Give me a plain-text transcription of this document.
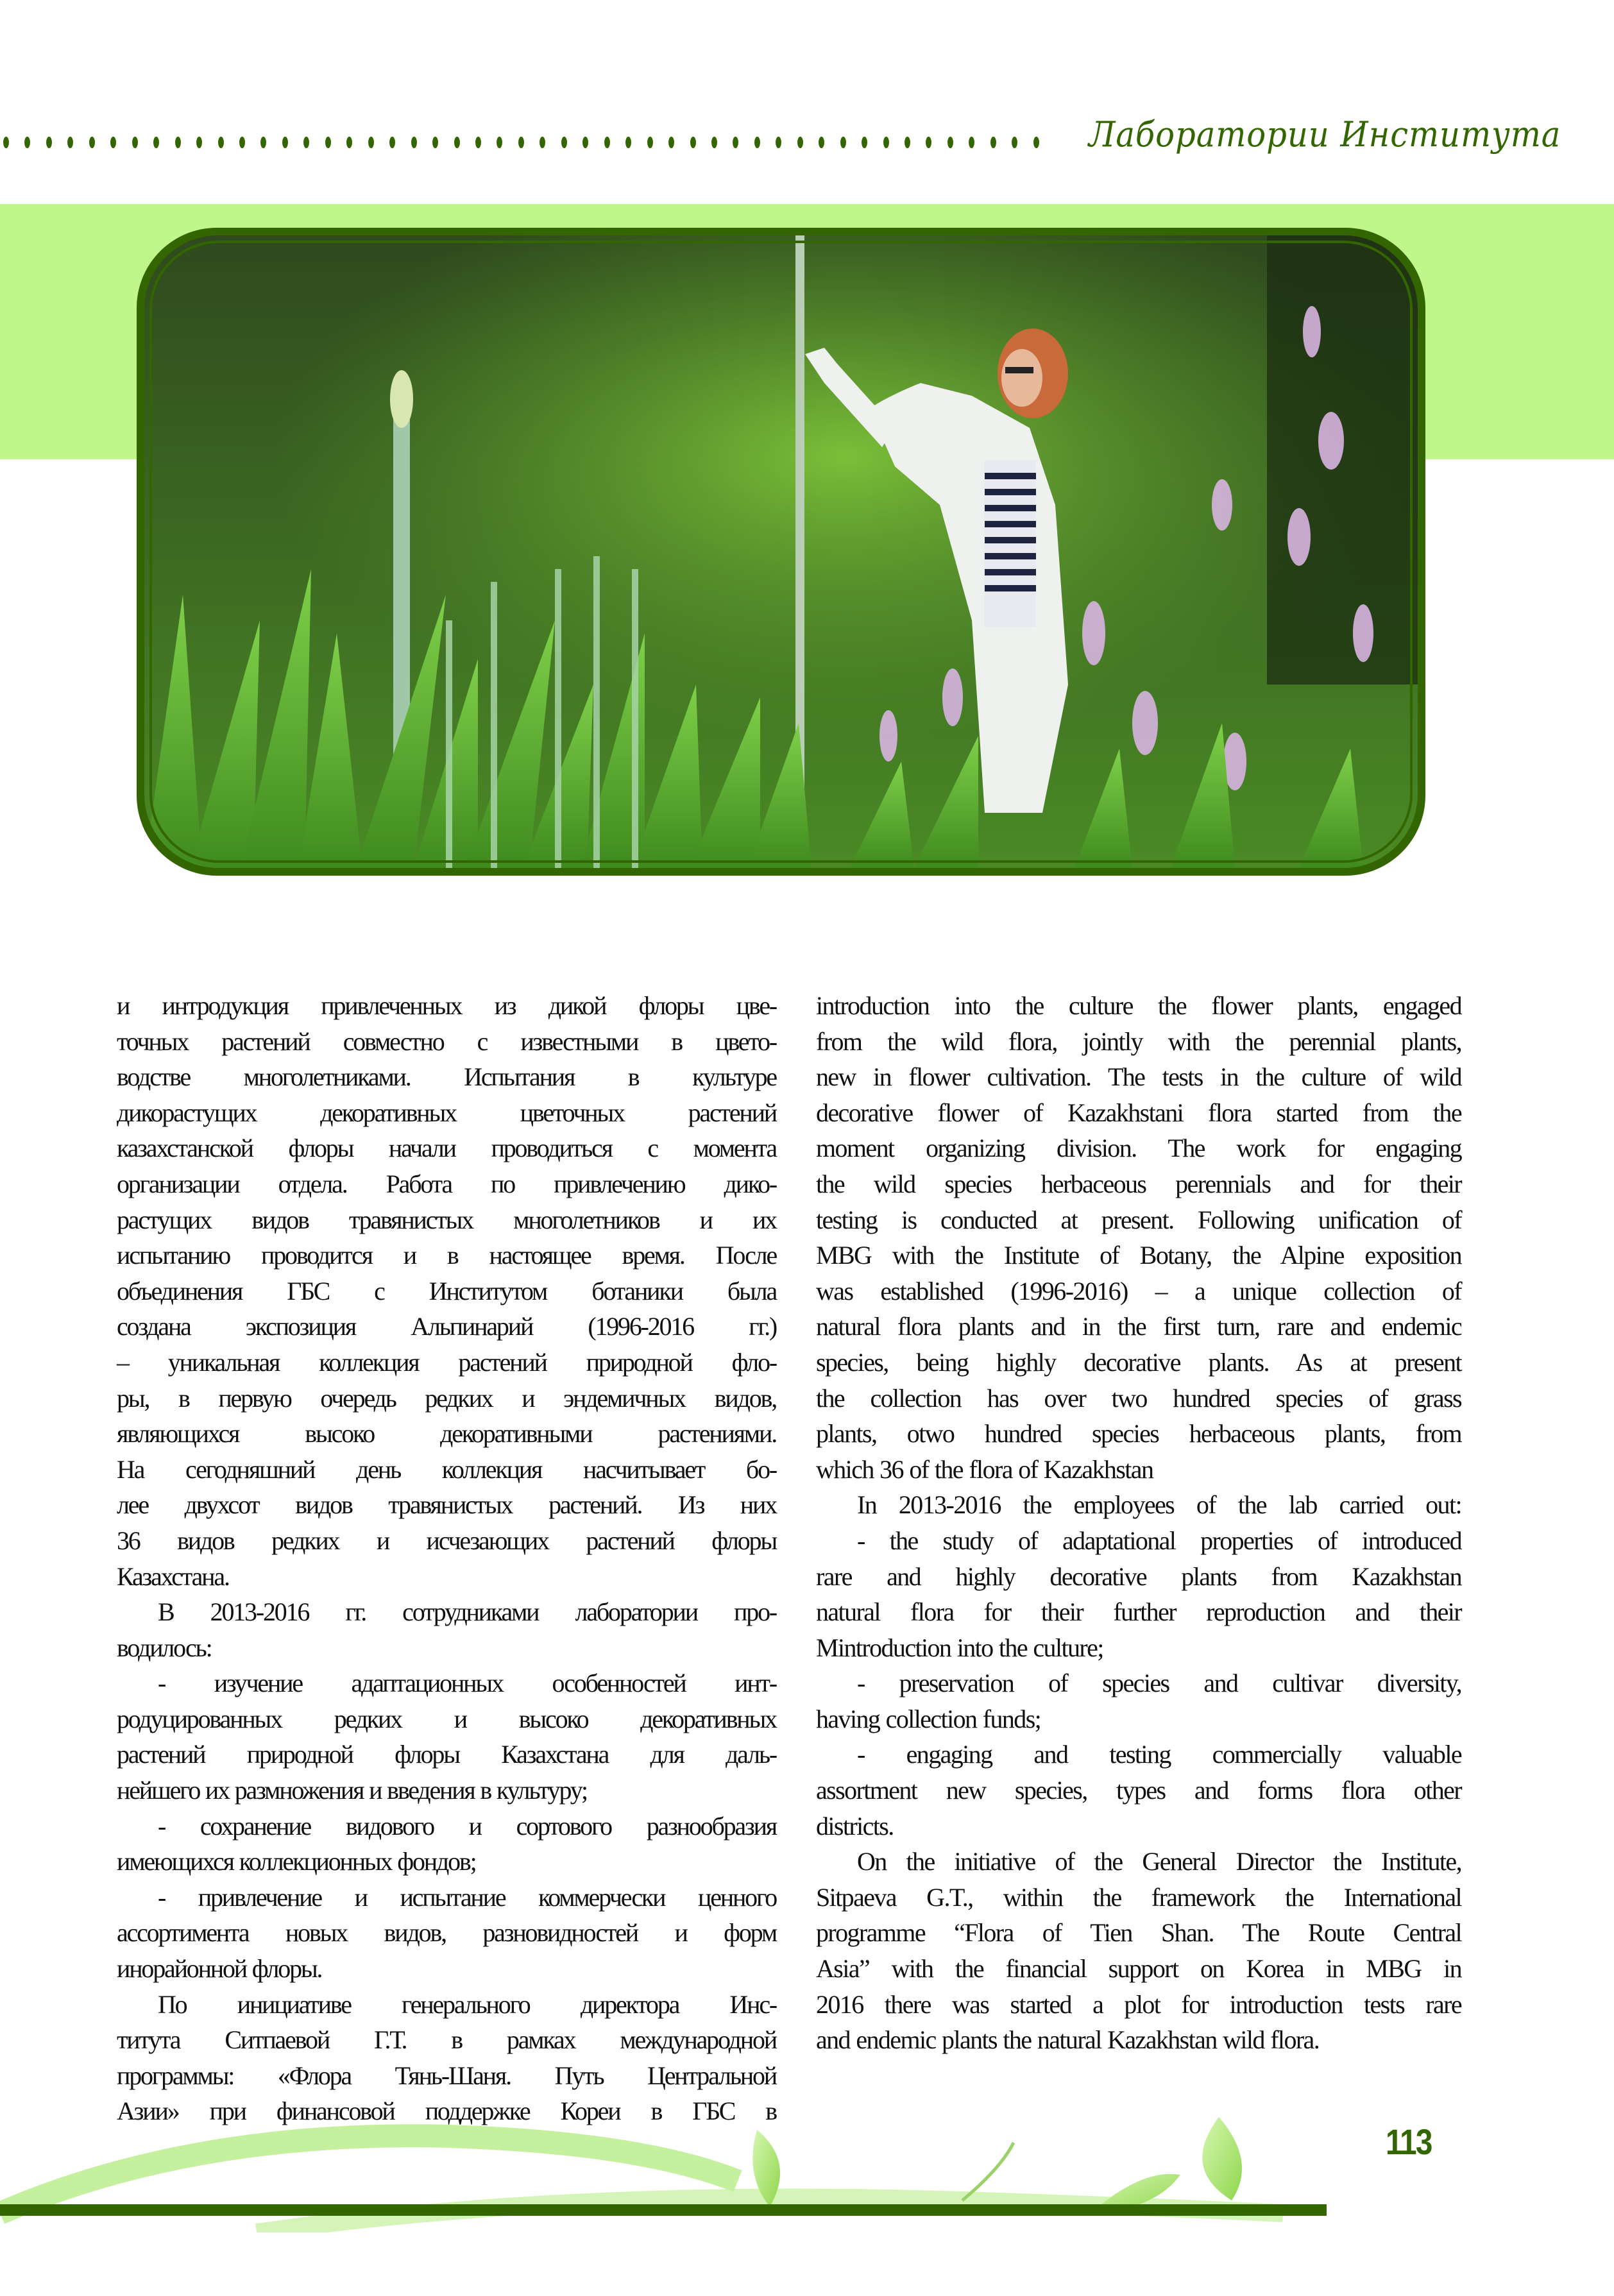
Лаборатории Института
и интродукция привлеченных из дикой флоры цве-
точных растений совместно с известными в цвето-
водстве многолетниками. Испытания в культуре
дикорастущих декоративных цветочных растений
казахстанской флоры начали проводиться с момента
организации отдела. Работа по привлечению дико-
растущих видов травянистых многолетников и их
испытанию проводится и в настоящее время. После
объединения ГБС с Институтом ботаники была
создана экспозиция Альпинарий (1996-2016 гг.)
– уникальная коллекция растений природной фло-
ры, в первую очередь редких и эндемичных видов,
являющихся высоко декоративными растениями.
На сегодняшний день коллекция насчитывает бо-
лее двухсот видов травянистых растений. Из них
36 видов редких и исчезающих растений флоры
Казахстана.
В 2013-2016 гг. сотрудниками лаборатории про-
водилось:
- изучение адаптационных особенностей инт-
родуцированных редких и высоко декоративных
растений природной флоры Казахстана для даль-
нейшего их размножения и введения в культуру;
- сохранение видового и сортового разнообразия
имеющихся коллекционных фондов;
- привлечение и испытание коммерчески ценного
ассортимента новых видов, разновидностей и форм
инорайонной флоры.
По инициативе генерального директора Инс-
титута Ситпаевой Г.Т. в рамках международной
программы: «Флора Тянь-Шаня. Путь Центральной
Азии» при финансовой поддержке Кореи в ГБС в
introduction into the culture the flower plants, engaged
from the wild flora, jointly with the perennial plants,
new in flower cultivation. The tests in the culture of wild
decorative flower of Kazakhstani flora started from the
moment organizing division. The work for engaging
the wild species herbaceous perennials and for their
testing is conducted at present. Following unification of
MBG with the Institute of Botany, the Alpine exposition
was established (1996-2016) – a unique collection of
natural flora plants and in the first turn, rare and endemic
species, being highly decorative plants. As at present
the collection has over two hundred species of grass
plants, otwo hundred species herbaceous plants, from
which 36 of the flora of Kazakhstan
In 2013-2016 the employees of the lab carried out:
- the study of adaptational properties of introduced
rare and highly decorative plants from Kazakhstan
natural flora for their further reproduction and their
Mintroduction into the culture;
- preservation of species and cultivar diversity,
having collection funds;
- engaging and testing commercially valuable
assortment new species, types and forms flora other
districts.
On the initiative of the General Director the Institute,
Sitpaeva G.T., within the framework the International
programme “Flora of Tien Shan. The Route Central
Asia” with the financial support on Korea in MBG in
2016 there was started a plot for introduction tests rare
and endemic plants the natural Kazakhstan wild flora.
113
